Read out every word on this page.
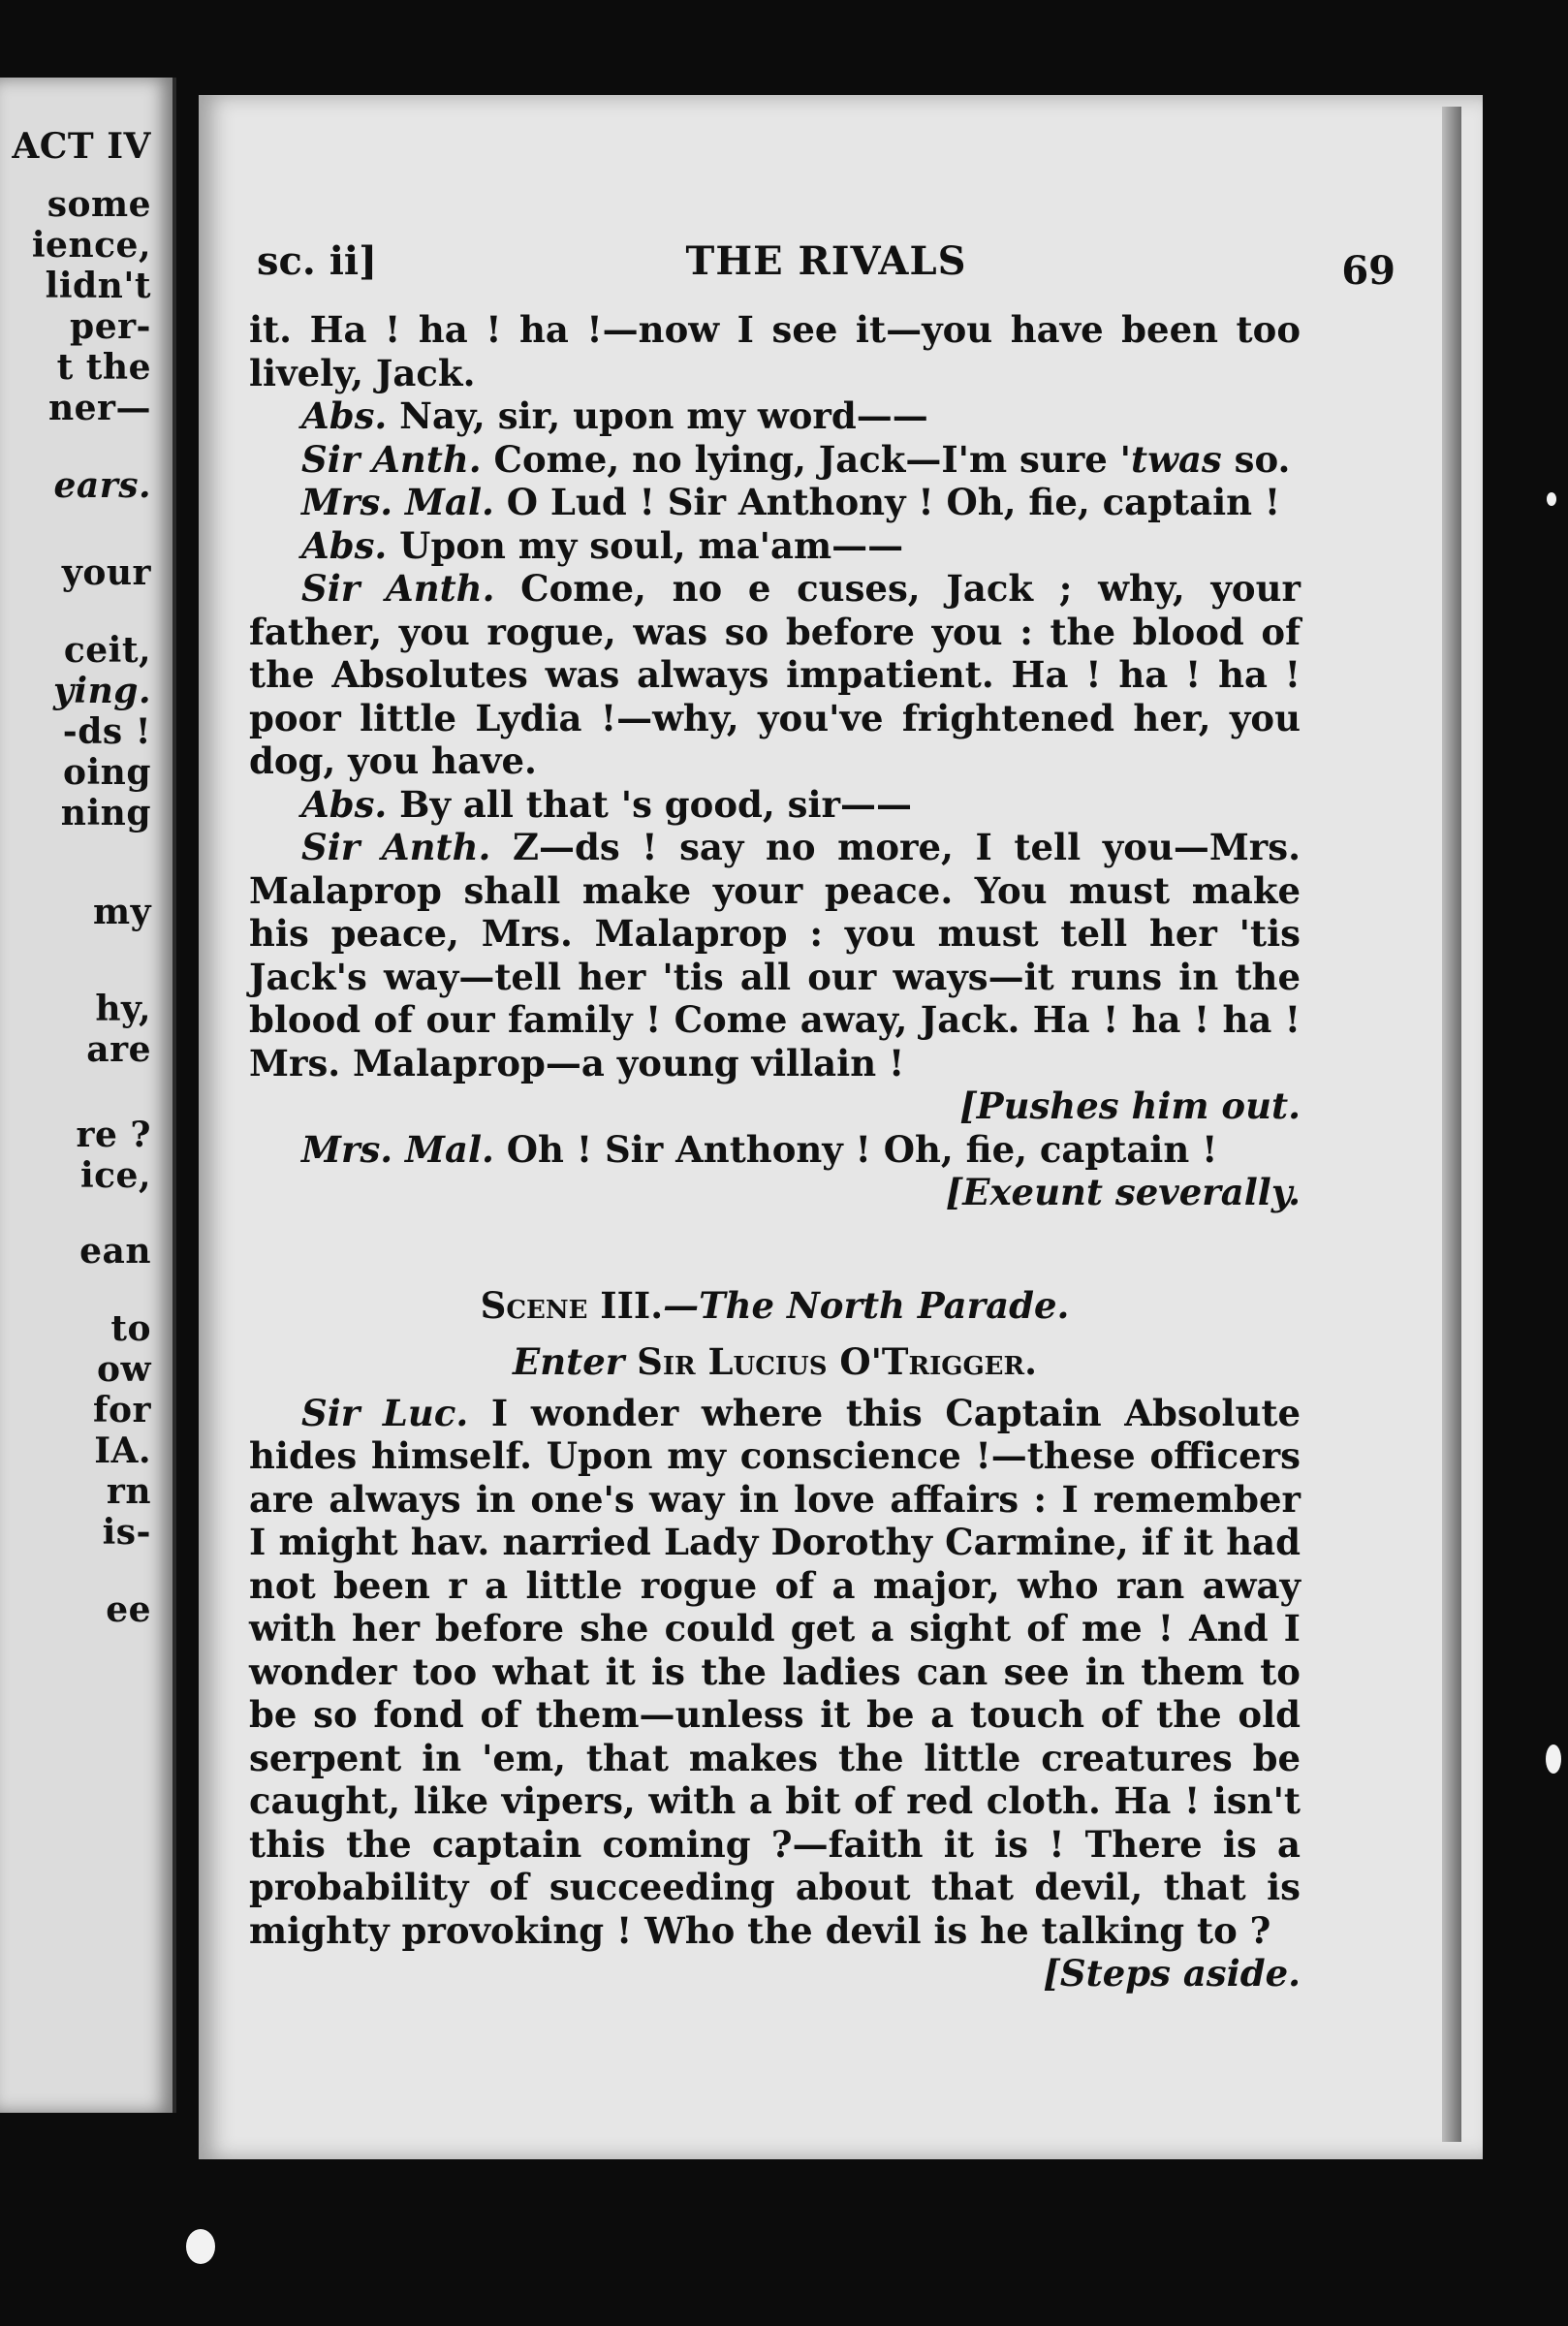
ACT IV
some
ience,
lidn't
per-
t the
ner—
ears.
your
ceit,
ying.
-ds !
oing
ning
my
hy,
are
re ?
ice,
ean
to
ow
for
IA.
rn
is-
ee
sc. ii]	THE RIVALS	69

it. Ha ! ha ! ha !—now I see it—you have been too lively, Jack.

Abs. Nay, sir, upon my word——

Sir Anth. Come, no lying, Jack—I'm sure 'twas so.

Mrs. Mal. O Lud ! Sir Anthony ! Oh, fie, captain !

Abs. Upon my soul, ma'am——

Sir Anth. Come, no e cuses, Jack ; why, your father, you rogue, was so before you : the blood of the Absolutes was always impatient. Ha ! ha ! ha ! poor little Lydia !—why, you've frightened her, you dog, you have.

Abs. By all that 's good, sir——

Sir Anth. Z—ds ! say no more, I tell you—Mrs. Malaprop shall make your peace. You must make his peace, Mrs. Malaprop : you must tell her 'tis Jack's way—tell her 'tis all our ways—it runs in the blood of our family ! Come away, Jack. Ha ! ha ! ha ! Mrs. Malaprop—a young villain !

[Pushes him out.

Mrs. Mal. Oh ! Sir Anthony ! Oh, fie, captain !

[Exeunt severally.

Scene III.—The North Parade.

Enter Sir Lucius O'Trigger.

Sir Luc. I wonder where this Captain Absolute hides himself. Upon my conscience !—these officers are always in one's way in love affairs : I remember I might hav. narried Lady Dorothy Carmine, if it had not been r a little rogue of a major, who ran away with her before she could get a sight of me ! And I wonder too what it is the ladies can see in them to be so fond of them—unless it be a touch of the old serpent in 'em, that makes the little creatures be caught, like vipers, with a bit of red cloth. Ha ! isn't this the captain coming ?—faith it is ! There is a probability of succeeding about that devil, that is mighty provoking ! Who the devil is he talking to ?

[Steps aside.
